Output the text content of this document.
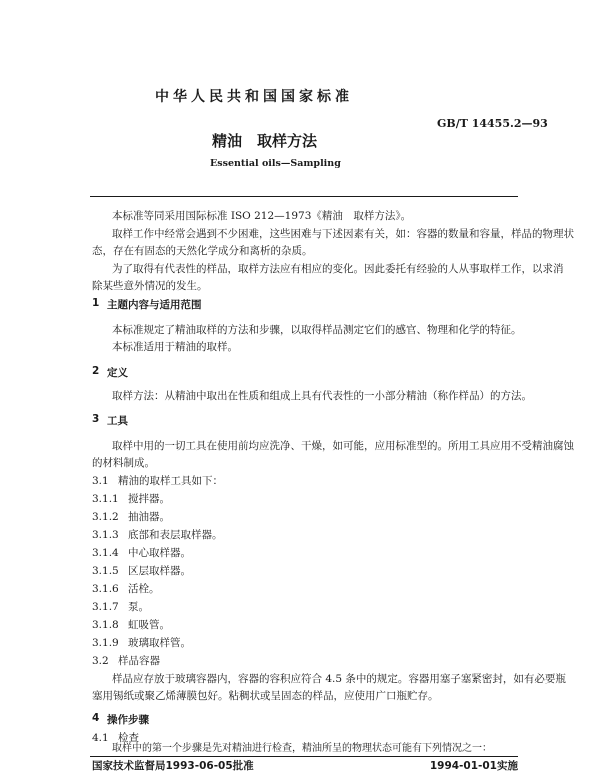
中华人民共和国国家标准
GB/T 14455.2—93
精油　取样方法
Essential oils—Sampling
本标准等同采用国际标准 ISO 212—1973《精油　取样方法》。
取样工作中经常会遇到不少困难，这些困难与下述因素有关，如：容器的数量和容量，样品的物理状
态，存在有固态的天然化学成分和离析的杂质。
为了取得有代表性的样品，取样方法应有相应的变化。因此委托有经验的人从事取样工作，以求消
除某些意外情况的发生。
1 主题内容与适用范围
本标准规定了精油取样的方法和步骤，以取得样品测定它们的感官、物理和化学的特征。
本标准适用于精油的取样。
2 定义
取样方法：从精油中取出在性质和组成上具有代表性的一小部分精油（称作样品）的方法。
3 工具
取样中用的一切工具在使用前均应洗净、干燥，如可能，应用标准型的。所用工具应用不受精油腐蚀
的材料制成。
3.1 精油的取样工具如下：
3.1.1 搅拌器。
3.1.2 抽油器。
3.1.3 底部和表层取样器。
3.1.4 中心取样器。
3.1.5 区层取样器。
3.1.6 活栓。
3.1.7 泵。
3.1.8 虹吸管。
3.1.9 玻璃取样管。
3.2 样品容器
样品应存放于玻璃容器内，容器的容积应符合 4.5 条中的规定。容器用塞子塞紧密封，如有必要瓶
塞用锡纸或聚乙烯薄膜包好。粘稠状或呈固态的样品，应使用广口瓶贮存。
4 操作步骤
4.1 检查
取样中的第一个步骤是先对精油进行检查，精油所呈的物理状态可能有下列情况之一：
国家技术监督局1993-06-05批准	1994-01-01实施
